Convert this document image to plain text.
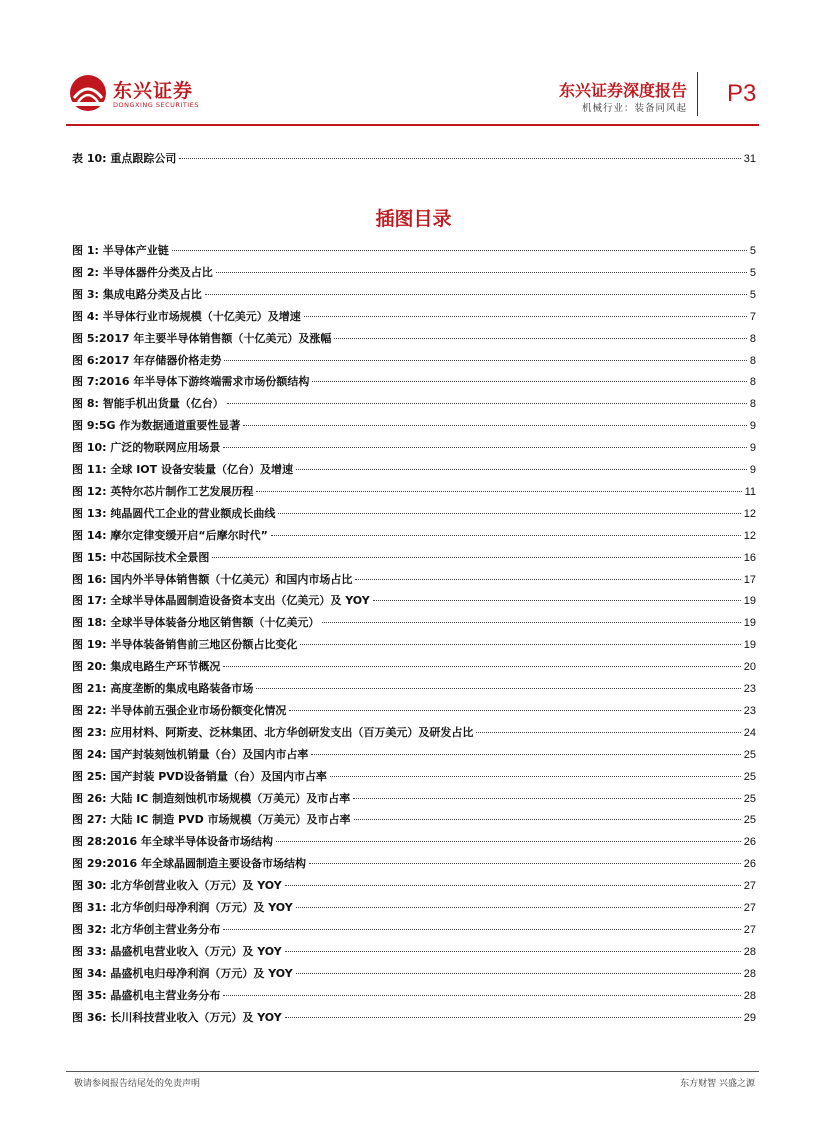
东兴证券
DONGXING SECURITIES
东兴证券深度报告
机械行业：装备同风起
P3
表 10: 重点跟踪公司	31
插图目录
图 1: 半导体产业链	5
图 2: 半导体器件分类及占比	5
图 3: 集成电路分类及占比	5
图 4: 半导体行业市场规模（十亿美元）及增速	7
图 5:2017 年主要半导体销售额（十亿美元）及涨幅	8
图 6:2017 年存储器价格走势	8
图 7:2016 年半导体下游终端需求市场份额结构	8
图 8: 智能手机出货量（亿台）	8
图 9:5G 作为数据通道重要性显著	9
图 10: 广泛的物联网应用场景	9
图 11: 全球 IOT 设备安装量（亿台）及增速	9
图 12: 英特尔芯片制作工艺发展历程	11
图 13: 纯晶圆代工企业的营业额成长曲线	12
图 14: 摩尔定律变缓开启“后摩尔时代”	12
图 15: 中芯国际技术全景图	16
图 16: 国内外半导体销售额（十亿美元）和国内市场占比	17
图 17: 全球半导体晶圆制造设备资本支出（亿美元）及 YOY	19
图 18: 全球半导体装备分地区销售额（十亿美元）	19
图 19: 半导体装备销售前三地区份额占比变化	19
图 20: 集成电路生产环节概况	20
图 21: 高度垄断的集成电路装备市场	23
图 22: 半导体前五强企业市场份额变化情况	23
图 23: 应用材料、阿斯麦、泛林集团、北方华创研发支出（百万美元）及研发占比	24
图 24: 国产封装刻蚀机销量（台）及国内市占率	25
图 25: 国产封装 PVD设备销量（台）及国内市占率	25
图 26: 大陆 IC 制造刻蚀机市场规模（万美元）及市占率	25
图 27: 大陆 IC 制造 PVD 市场规模（万美元）及市占率	25
图 28:2016 年全球半导体设备市场结构	26
图 29:2016 年全球晶圆制造主要设备市场结构	26
图 30: 北方华创营业收入（万元）及 YOY	27
图 31: 北方华创归母净利润（万元）及 YOY	27
图 32: 北方华创主营业务分布	27
图 33: 晶盛机电营业收入（万元）及 YOY	28
图 34: 晶盛机电归母净利润（万元）及 YOY	28
图 35: 晶盛机电主营业务分布	28
图 36: 长川科技营业收入（万元）及 YOY	29
敬请参阅报告结尾处的免责声明	东方财智 兴盛之源
